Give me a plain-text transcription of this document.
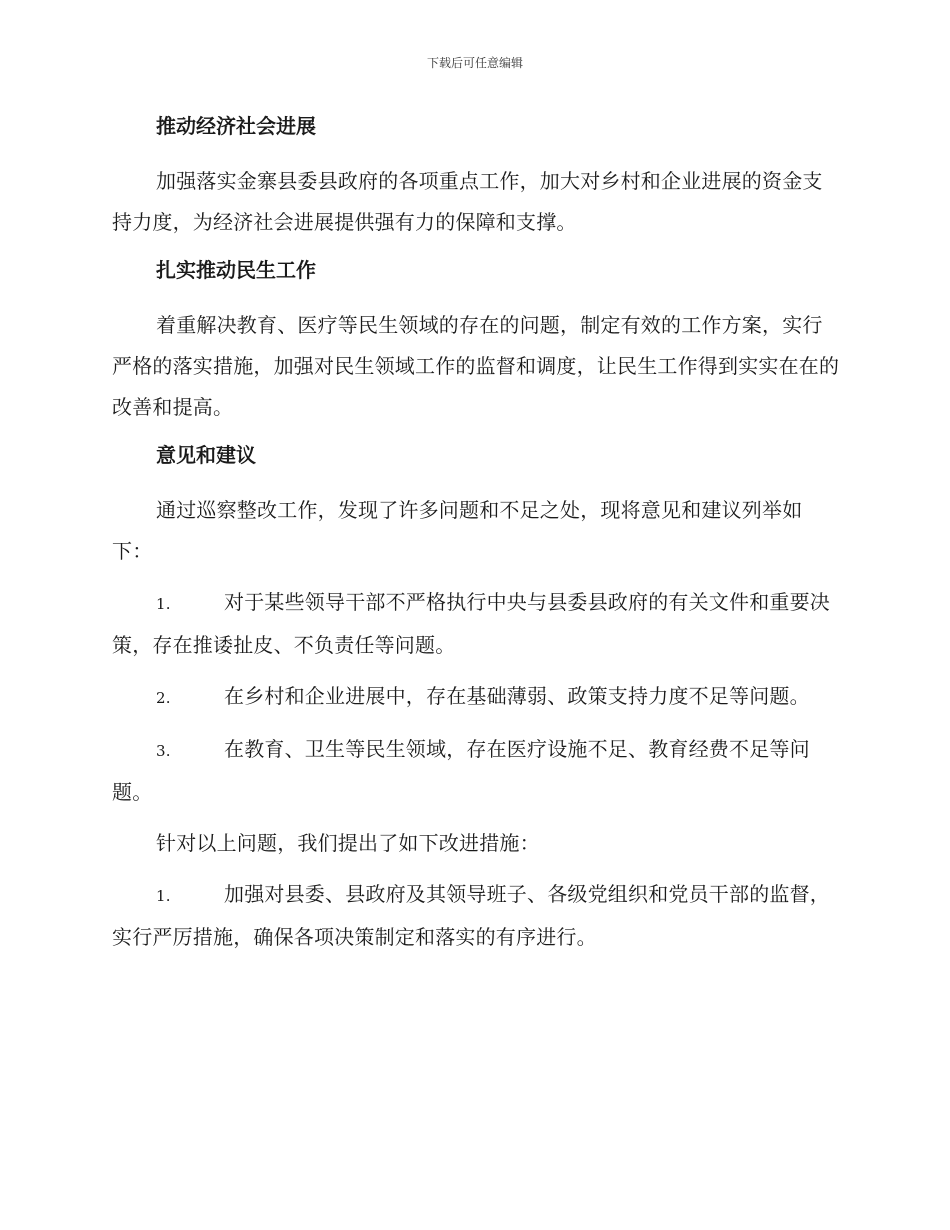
下载后可任意编辑
推动经济社会进展

加强落实金寨县委县政府的各项重点工作，加大对乡村和企业进展的资金支持力度，为经济社会进展提供强有力的保障和支撑。

扎实推动民生工作

着重解决教育、医疗等民生领域的存在的问题，制定有效的工作方案，实行严格的落实措施，加强对民生领域工作的监督和调度，让民生工作得到实实在在的改善和提高。

意见和建议

通过巡察整改工作，发现了许多问题和不足之处，现将意见和建议列举如下：

1.	对于某些领导干部不严格执行中央与县委县政府的有关文件和重要决策，存在推诿扯皮、不负责任等问题。

2.	在乡村和企业进展中，存在基础薄弱、政策支持力度不足等问题。

3.	在教育、卫生等民生领域，存在医疗设施不足、教育经费不足等问题。

针对以上问题，我们提出了如下改进措施：

1.	加强对县委、县政府及其领导班子、各级党组织和党员干部的监督，实行严厉措施，确保各项决策制定和落实的有序进行。
